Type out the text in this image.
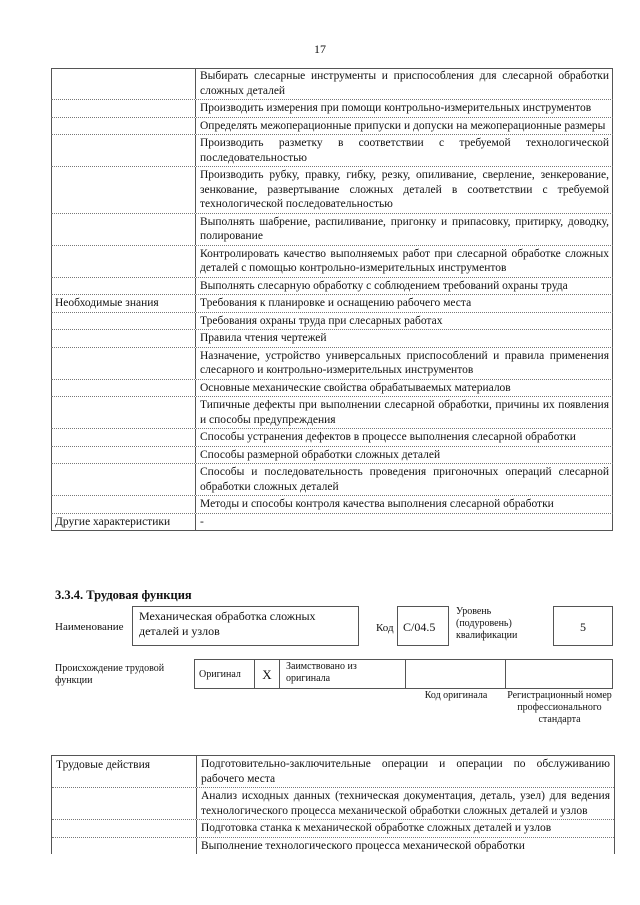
17
Выбирать слесарные инструменты и приспособления для слесарной обработки сложных деталей
Производить измерения при помощи контрольно-измерительных инструментов
Определять межоперационные припуски и допуски на межоперационные размеры
Производить разметку в соответствии с требуемой технологической последовательностью
Производить рубку, правку, гибку, резку, опиливание, сверление, зенкерование, зенкование, развертывание сложных деталей в соответствии с требуемой технологической последовательностью
Выполнять шабрение, распиливание, пригонку и припасовку, притирку, доводку, полирование
Контролировать качество выполняемых работ при слесарной обработке сложных деталей с помощью контрольно-измерительных инструментов
Выполнять слесарную обработку с соблюдением требований охраны труда
Необходимые знания	Требования к планировке и оснащению рабочего места
Требования охраны труда при слесарных работах
Правила чтения чертежей
Назначение, устройство универсальных приспособлений и правила применения слесарного и контрольно-измерительных инструментов
Основные механические свойства обрабатываемых материалов
Типичные дефекты при выполнении слесарной обработки, причины их появления и способы предупреждения
Способы устранения дефектов в процессе выполнения слесарной обработки
Способы размерной обработки сложных деталей
Способы и последовательность проведения пригоночных операций слесарной обработки сложных деталей
Методы и способы контроля качества выполнения слесарной обработки
Другие характеристики	-
3.3.4. Трудовая функция
Наименование
Механическая обработка сложных деталей и узлов	Код С/04.5
Уровень (подуровень) квалификации
5
Происхождение трудовой функции
Оригинал	X
Заимствовано из оригинала
Код оригинала	Регистрационный номер профессионального стандарта
Трудовые действия	Подготовительно-заключительные операции и операции по обслуживанию рабочего места
Анализ исходных данных (техническая документация, деталь, узел) для ведения технологического процесса механической обработки сложных деталей и узлов
Подготовка станка к механической обработке сложных деталей и узлов
Выполнение технологического процесса механической обработки
